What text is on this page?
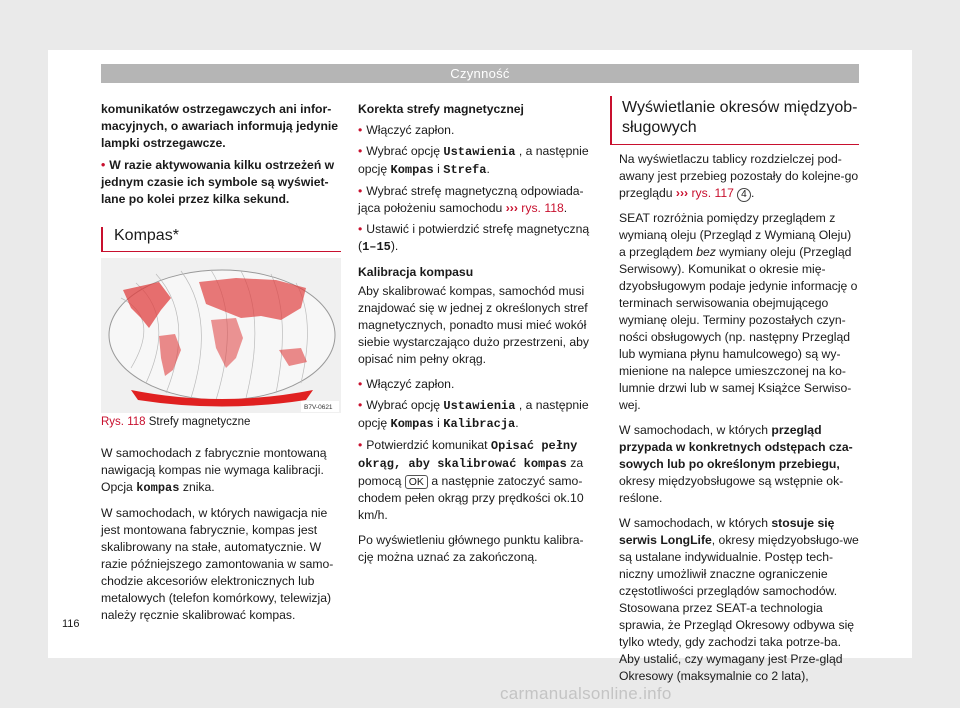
Czynność

komunikatów ostrzegawczych ani infor-macyjnych, o awariach informują jedynie lampki ostrzegawcze.

• W razie aktywowania kilku ostrzeżeń w jednym czasie ich symbole są wyświet-lane po kolei przez kilka sekund.

Kompas*
B7V-0621
Rys. 118 Strefy magnetyczne

W samochodach z fabrycznie montowaną nawigacją kompas nie wymaga kalibracji. Opcja kompas znika.

W samochodach, w których nawigacja nie jest montowana fabrycznie, kompas jest skalibrowany na stałe, automatycznie. W razie późniejszego zamontowania w samo-chodzie akcesoriów elektronicznych lub metalowych (telefon komórkowy, telewizja) należy ręcznie skalibrować kompas.

Korekta strefy magnetycznej

• Włączyć zapłon.

• Wybrać opcję Ustawienia , a następnie opcję Kompas i Strefa.

• Wybrać strefę magnetyczną odpowiada-jąca położeniu samochodu ››› rys. 118.

• Ustawić i potwierdzić strefę magnetyczną (1–15).

Kalibracja kompasu

Aby skalibrować kompas, samochód musi znajdować się w jednej z określonych stref magnetycznych, ponadto musi mieć wokół siebie wystarczająco dużo przestrzeni, aby opisać nim pełny okrąg.

• Włączyć zapłon.

• Wybrać opcję Ustawienia , a następnie opcję Kompas i Kalibracja.

• Potwierdzić komunikat Opisać pełny okrąg, aby skalibrować kompas za pomocą OK a następnie zatoczyć samo-chodem pełen okrąg przy prędkości ok.10 km/h.

Po wyświetleniu głównego punktu kalibra-cję można uznać za zakończoną.

Wyświetlanie okresów międzyob-sługowych

Na wyświetlaczu tablicy rozdzielczej pod-awany jest przebieg pozostały do kolejne-go przeglądu ››› rys. 117 4 .

SEAT rozróżnia pomiędzy przeglądem z wymianą oleju (Przegląd z Wymianą Oleju) a przeglądem bez wymiany oleju (Przegląd Serwisowy). Komunikat o okresie mię-dzyobsługowym podaje jedynie informację o terminach serwisowania obejmującego wymianę oleju. Terminy pozostałych czyn-ności obsługowych (np. następny Przegląd lub wymiana płynu hamulcowego) są wy-mienione na nalepce umieszczonej na ko-lumnie drzwi lub w samej Książce Serwiso-wej.

W samochodach, w których przegląd przypada w konkretnych odstępach cza-sowych lub po określonym przebiegu, okresy międzyobsługowe są wstępnie ok-reślone.

W samochodach, w których stosuje się serwis LongLife, okresy międzyobsługo-we są ustalane indywidualnie. Postęp tech-niczny umożliwił znaczne ograniczenie częstotliwości przeglądów samochodów. Stosowana przez SEAT-a technologia sprawia, że Przegląd Okresowy odbywa się tylko wtedy, gdy zachodzi taka potrze-ba. Aby ustalić, czy wymagany jest Prze-gląd Okresowy (maksymalnie co 2 lata),

116
carmanualsonline.info
